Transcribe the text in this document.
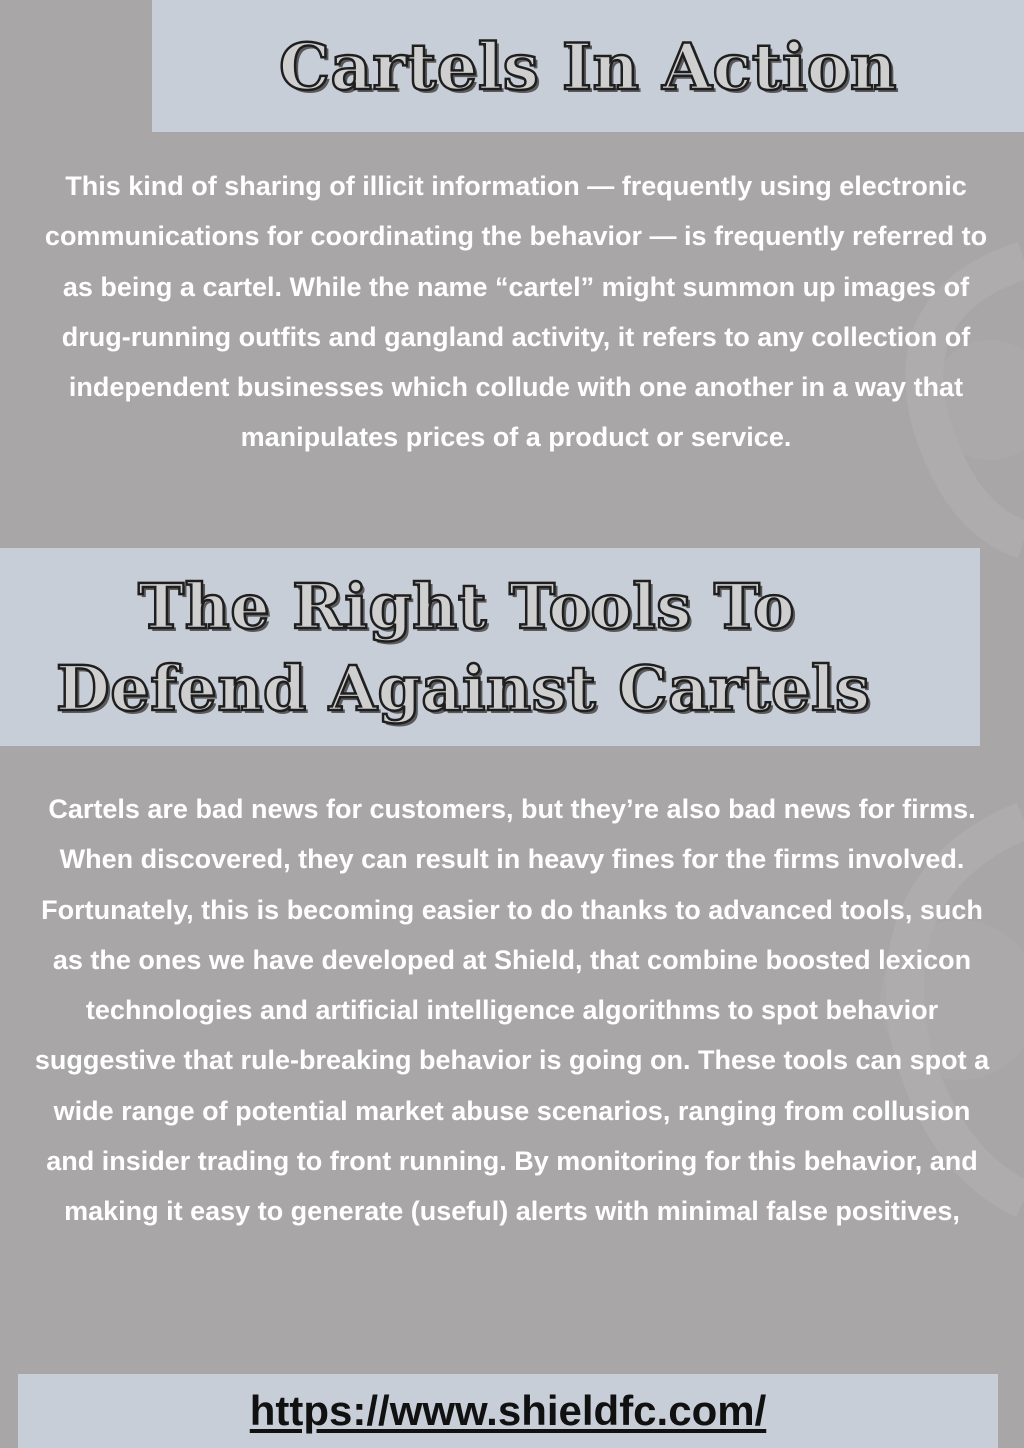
Cartels In Action

This kind of sharing of illicit information — frequently using electronic communications for coordinating the behavior — is frequently referred to as being a cartel. While the name “cartel” might summon up images of drug-running outfits and gangland activity, it refers to any collection of independent businesses which collude with one another in a way that manipulates prices of a product or service.

The Right Tools To
Defend Against Cartels

Cartels are bad news for customers, but they’re also bad news for firms. When discovered, they can result in heavy fines for the firms involved. Fortunately, this is becoming easier to do thanks to advanced tools, such as the ones we have developed at Shield, that combine boosted lexicon technologies and artificial intelligence algorithms to spot behavior suggestive that rule-breaking behavior is going on. These tools can spot a wide range of potential market abuse scenarios, ranging from collusion and insider trading to front running. By monitoring for this behavior, and making it easy to generate (useful) alerts with minimal false positives,

https://www.shieldfc.com/
